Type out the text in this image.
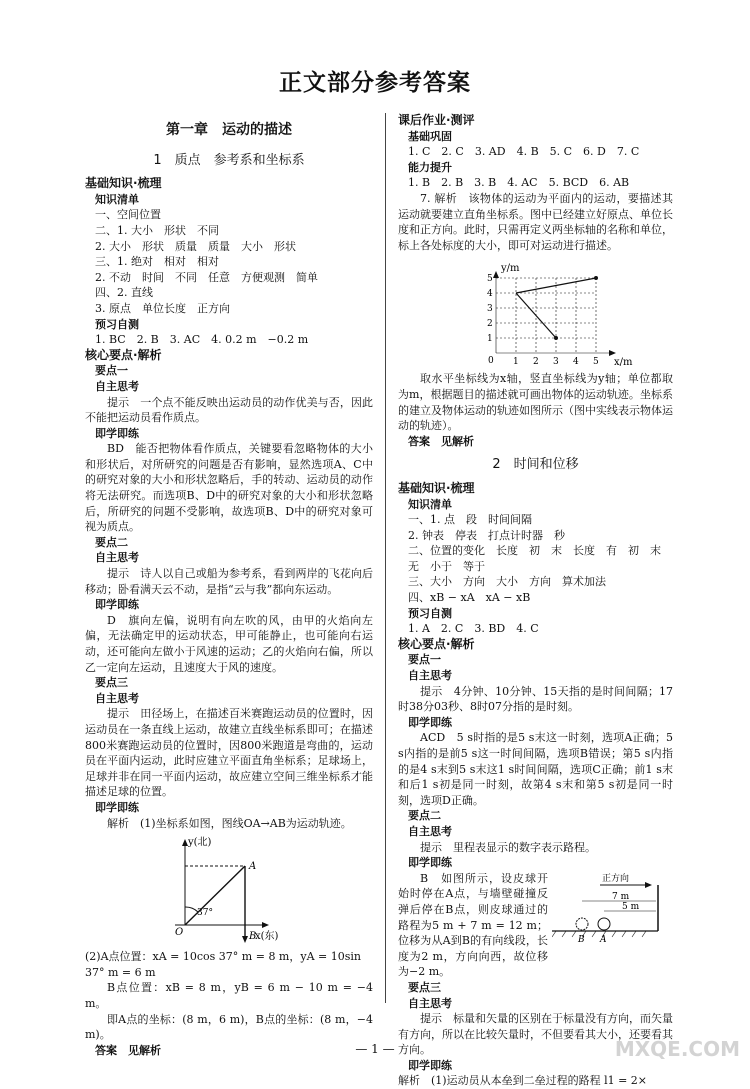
正文部分参考答案
第一章　运动的描述
1　质点　参考系和坐标系
基础知识·梳理
知识清单
一、空间位置
二、1. 大小　形状　不同
2. 大小　形状　质量　质量　大小　形状
三、1. 绝对　相对　相对
2. 不动　时间　不同　任意　方便观测　简单
四、2. 直线
3. 原点　单位长度　正方向
预习自测
1. BC　2. B　3. AC　4. 0.2 m　−0.2 m
核心要点·解析
要点一
自主思考
提示　一个点不能反映出运动员的动作优美与否，因此不能把运动员看作质点。
即学即练
BD　能否把物体看作质点，关键要看忽略物体的大小和形状后，对所研究的问题是否有影响，显然选项A、C中的研究对象的大小和形状忽略后，手的转动、运动员的动作将无法研究。而选项B、D中的研究对象的大小和形状忽略后，所研究的问题不受影响，故选项B、D中的研究对象可视为质点。
要点二
自主思考
提示　诗人以自己或船为参考系，看到两岸的飞花向后移动；卧看满天云不动，是指“云与我”都向东运动。
即学即练
D　旗向左偏，说明有向左吹的风，由甲的火焰向左偏，无法确定甲的运动状态，甲可能静止，也可能向右运动，还可能向左做小于风速的运动；乙的火焰向右偏，所以乙一定向左运动，且速度大于风的速度。
要点三
自主思考
提示　田径场上，在描述百米赛跑运动员的位置时，因运动员在一条直线上运动，故建立直线坐标系即可；在描述800米赛跑运动员的位置时，因800米跑道是弯曲的，运动员在平面内运动，此时应建立平面直角坐标系；足球场上，足球并非在同一平面内运动，故应建立空间三维坐标系才能描述足球的位置。
即学即练
解析　(1)坐标系如图，图线OA→AB为运动轨迹。
y(北)
x(东)
37°
A
B
O
(2)A点位置：xA = 10cos 37° m = 8 m，yA = 10sin 37° m = 6 m
B点位置：xB = 8 m，yB = 6 m − 10 m = −4 m。
即A点的坐标：(8 m，6 m)，B点的坐标：(8 m，−4 m)。
答案　见解析
课后作业·测评
基础巩固
1. C　2. C　3. AD　4. B　5. C　6. D　7. C
能力提升
1. B　2. B　3. B　4. AC　5. BCD　6. AB
7. 解析　该物体的运动为平面内的运动，要描述其运动就要建立直角坐标系。图中已经建立好原点、单位长度和正方向。此时，只需再定义两坐标轴的名称和单位，标上各处标度的大小，即可对运动进行描述。
y/m
x/m
0 1 2 3 4 5
1
2
3
4
5
取水平坐标线为x轴，竖直坐标线为y轴；单位都取为m，根据题目的描述就可画出物体的运动轨迹。坐标系的建立及物体运动的轨迹如图所示（图中实线表示物体运动的轨迹）。
答案　见解析
2　时间和位移
基础知识·梳理
知识清单
一、1. 点　段　时间间隔
2. 钟表　停表　打点计时器　秒
二、位置的变化　长度　初　末　长度　有　初　末　无　小于　等于
三、大小　方向　大小　方向　算术加法
四、xB − xA　xA − xB
预习自测
1. A　2. C　3. BD　4. C
核心要点·解析
要点一
自主思考
提示　4分钟、10分钟、15天指的是时间间隔；17时38分03秒、8时07分指的是时刻。
即学即练
ACD　5 s时指的是5 s末这一时刻，选项A正确；5 s内指的是前5 s这一时间间隔，选项B错误；第5 s内指的是4 s末到5 s末这1 s时间间隔，选项C正确；前1 s末和后1 s初是同一时刻，故第4 s末和第5 s初是同一时刻，选项D正确。
要点二
自主思考
提示　里程表显示的数字表示路程。
即学即练
B　如图所示，设皮球开始时停在A点，与墙壁碰撞反弹后停在B点，则皮球通过的路程为5 m + 7 m = 12 m；位移为从A到B的有向线段，长度为2 m，方向向西，故位移为−2 m。
正方向
7 m
5 m
B A
要点三
自主思考
提示　标量和矢量的区别在于标量没有方向，而矢量有方向，所以在比较矢量时，不但要看其大小，还要看其方向。
即学即练
解析　(1)运动员从本垒到二垒过程的路程 l1 = 2×
— 1 —	MXQE.COM
